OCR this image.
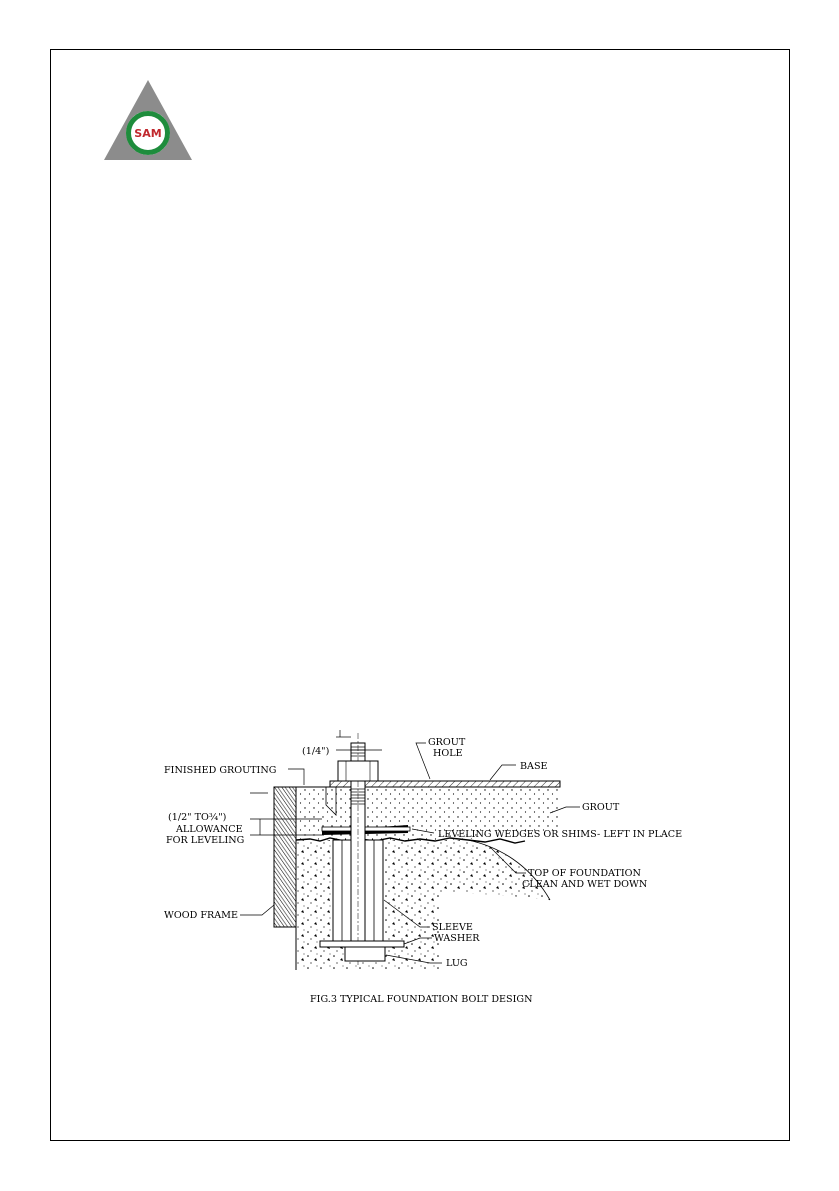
SAM
(1/4")
GROUT
HOLE
BASE
FINISHED GROUTING
GROUT
(1/2" TO¾")
ALLOWANCE
FOR LEVELING
LEVELING WEDGES OR SHIMS- LEFT IN PLACE
TOP OF FOUNDATION
CLEAN AND WET DOWN
WOOD FRAME
SLEEVE
WASHER
LUG
FIG.3 TYPICAL FOUNDATION BOLT DESIGN
